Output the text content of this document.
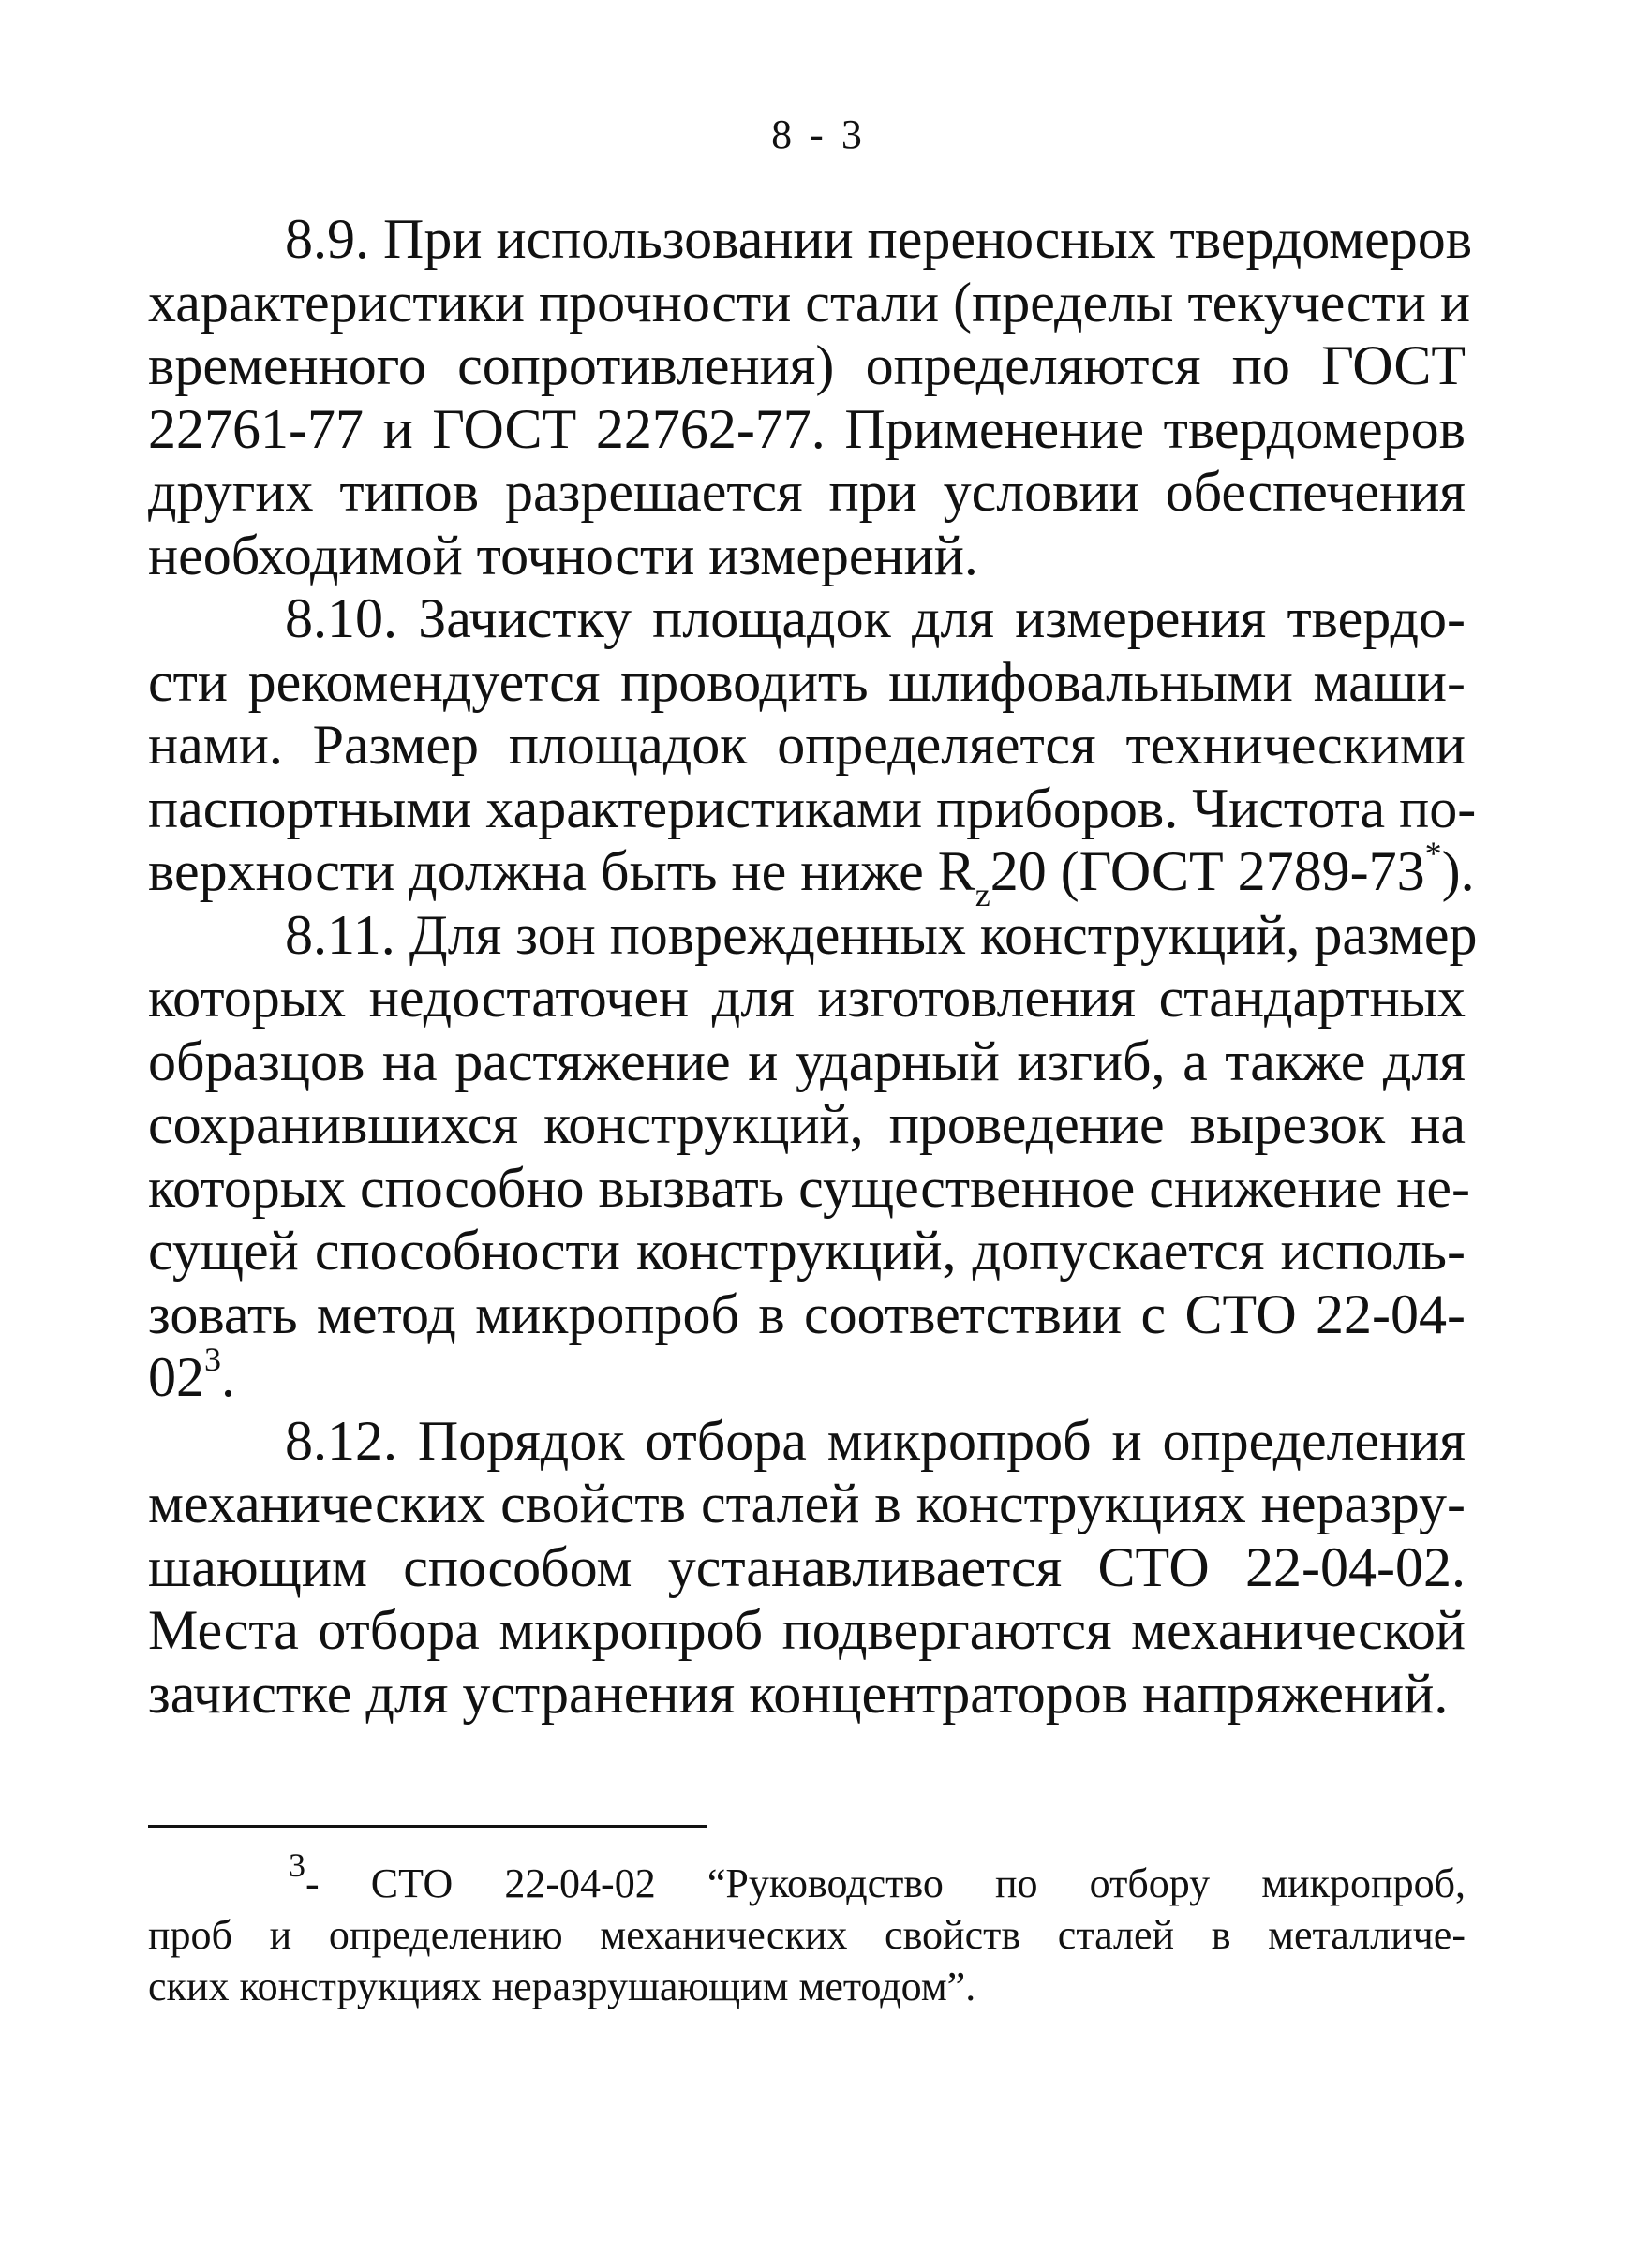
8 - 3
8.9. При использовании переносных твердомеров
характеристики прочности стали (пределы текучести и
временного сопротивления) определяются по ГОСТ
22761-77 и ГОСТ 22762-77. Применение твердомеров
других типов разрешается при условии обеспечения
необходимой точности измерений.
8.10. Зачистку площадок для измерения твердо-
сти рекомендуется проводить шлифовальными маши-
нами. Размер площадок определяется техническими
паспортными характеристиками приборов. Чистота по-
верхности должна быть не ниже $R_z20$ (ГОСТ 2789-73*).
8.11. Для зон поврежденных конструкций, размер
которых недостаточен для изготовления стандартных
образцов на растяжение и ударный изгиб, а также для
сохранившихся конструкций, проведение вырезок на
которых способно вызвать существенное снижение не-
сущей способности конструкций, допускается исполь-
зовать метод микропроб в соответствии с СТО 22-04-
$02^3$.
8.12. Порядок отбора микропроб и определения
механических свойств сталей в конструкциях неразру-
шающим способом устанавливается СТО 22-04-02.
Места отбора микропроб подвергаются механической
зачистке для устранения концентраторов напряжений.
$^3$- СТО 22-04-02 “Руководство по отбору микропроб,
проб и определению механических свойств сталей в металличе-
ских конструкциях неразрушающим методом”.
